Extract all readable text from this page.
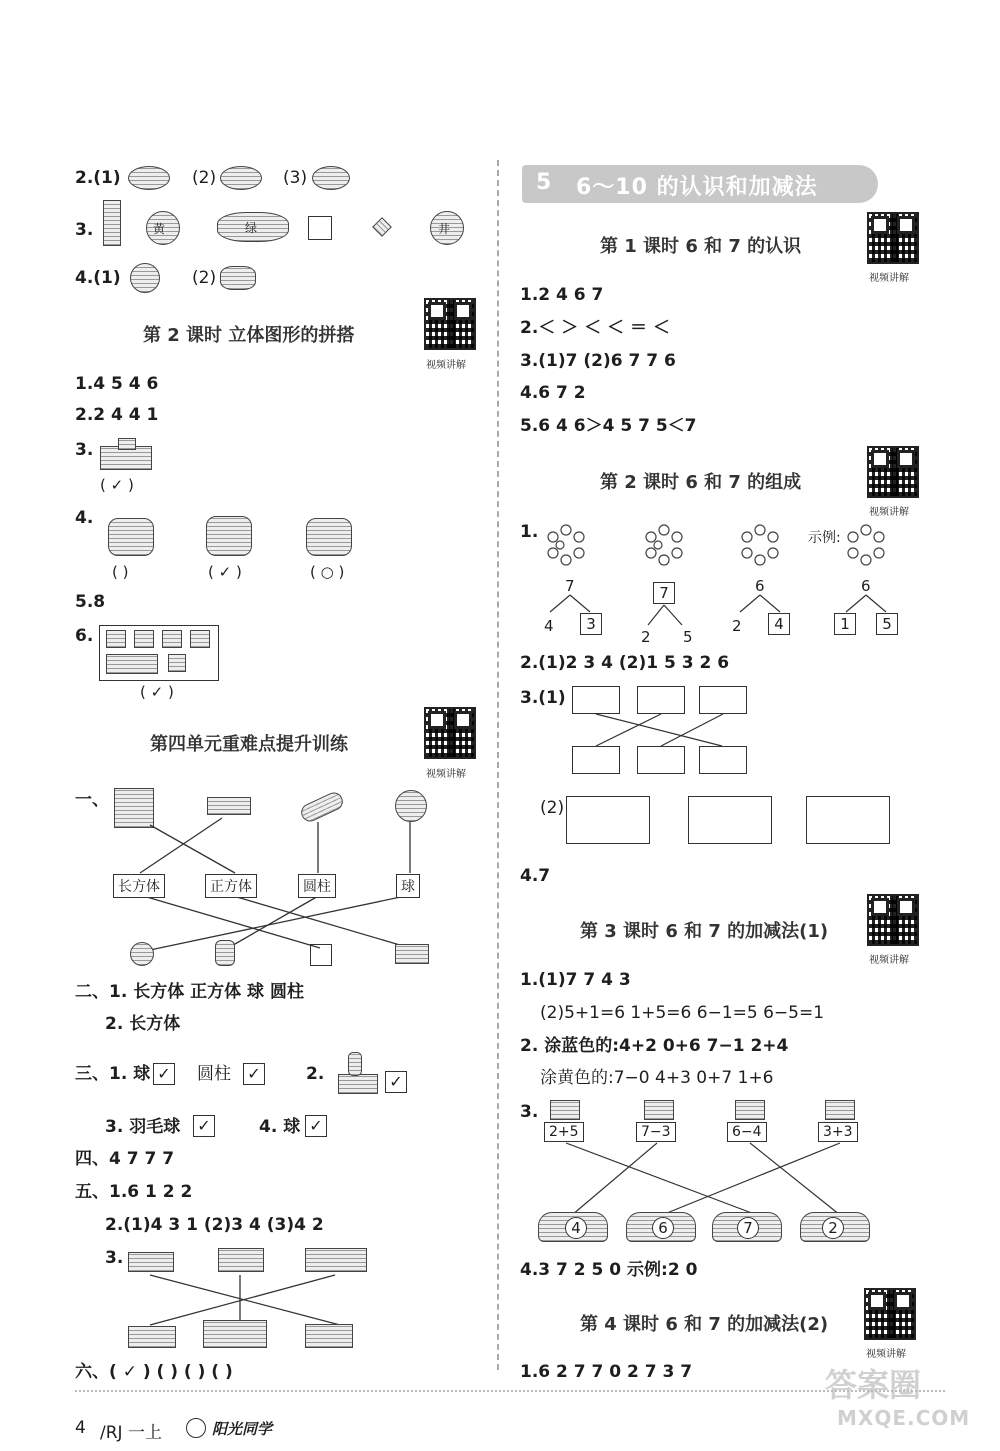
2.(1)	(2)	(3)
3.	黄	绿	井
4.(1)	(2)
第 2 课时 立体图形的拼搭
视频讲解
1.4 5 4 6
2.2 4 4 1
3.
( ✓ )
4.
( )	( ✓ )	( ○ )
5.8
6.
( ✓ )
第四单元重难点提升训练
视频讲解
一、
长方体	正方体	圆柱	球
二、1. 长方体 正方体 球 圆柱
2. 长方体
三、1. 球 ✓ 圆柱 ✓	2.	✓
3. 羽毛球 ✓	4. 球 ✓
四、4 7 7 7
五、1.6 1 2 2
2.(1)4 3 1 (2)3 4 (3)4 2
3.
六、( ✓ ) ( ) ( ) ( )
5 6～10 的认识和加减法
第 1 课时 6 和 7 的认识
视频讲解
1.2 4 6 7
2.＜ ＞ ＜ ＜ ＝ ＜
3.(1)7 (2)6 7 7 6
4.6 7 2
5.6 4 6＞4 5 7 5＜7
第 2 课时 6 和 7 的组成
视频讲解
1.	示例:
7
4	3
7
2 5
6
2	4
6
1	5
2.(1)2 3 4 (2)1 5 3 2 6
3.(1)
(2)
4.7
第 3 课时 6 和 7 的加减法(1)
视频讲解
1.(1)7 7 4 3
(2)5+1=6 1+5=6 6−1=5 6−5=1
2. 涂蓝色的:4+2 0+6 7−1 2+4
涂黄色的:7−0 4+3 0+7 1+6
3.
2+5	7−3	6−4	3+3
4	6	7	2
4.3 7 2 5 0 示例:2 0
第 4 课时 6 和 7 的加减法(2)
视频讲解
1.6 2 7 7 0 2 7 3 7	答案圈
MXQE.COM
4 /RJ 一上	阳光同学
